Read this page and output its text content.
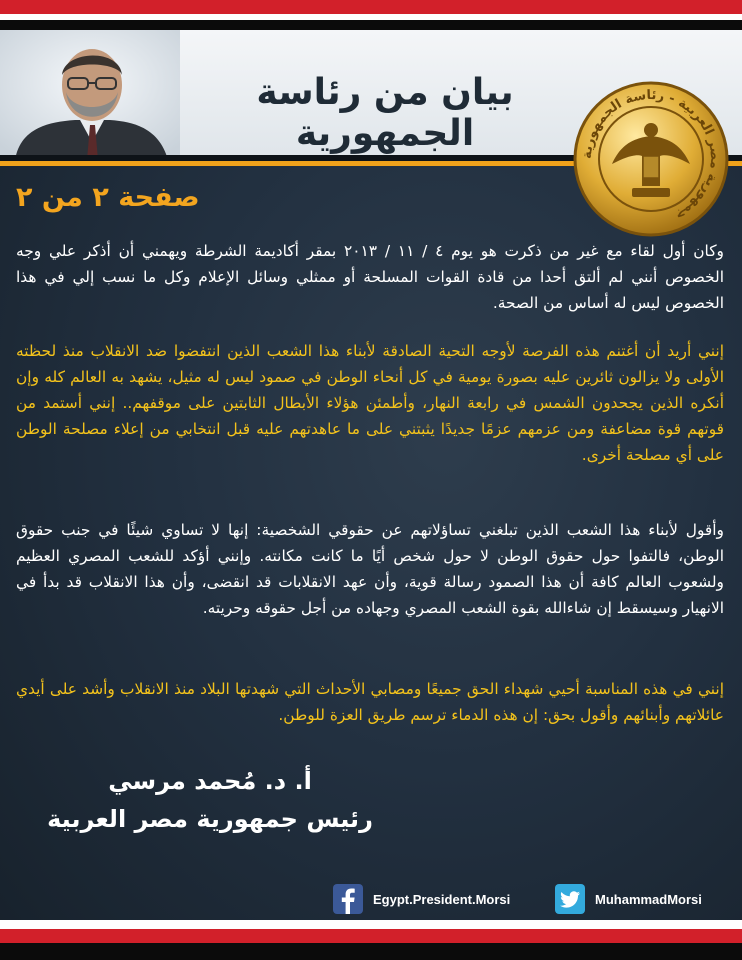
بيان من رئاسة الجمهورية
جمهورية مصر العربية - رئاسة الجمهورية
صفحة ٢ من ٢
وكان أول لقاء مع غير من ذكرت هو يوم ٤ / ١١ / ٢٠١٣ بمقر أكاديمة الشرطة ويهمني أن أذكر علي وجه الخصوص أنني لم ألتق أحدا من قادة القوات المسلحة أو ممثلي وسائل الإعلام وكل ما نسب إلي في هذا الخصوص ليس له أساس من الصحة.
إنني أريد أن أغتنم هذه الفرصة لأوجه التحية الصادقة لأبناء هذا الشعب الذين انتفضوا ضد الانقلاب منذ لحظته الأولى ولا يزالون ثائرين عليه بصورة يومية في كل أنحاء الوطن في صمود ليس له مثيل، يشهد به العالم كله وإن أنكره الذين يجحدون الشمس في رابعة النهار، وأطمئن هؤلاء الأبطال الثابتين على موقفهم.. إنني أستمد من قوتهم قوة مضاعفة ومن عزمهم عزمًا جديدًا يثبتني على ما عاهدتهم عليه قبل انتخابي من إعلاء مصلحة الوطن على أي مصلحة أخرى.
وأقول لأبناء هذا الشعب الذين تبلغني تساؤلاتهم عن حقوقي الشخصية: إنها لا تساوي شيئًا في جنب حقوق الوطن، فالتفوا حول حقوق الوطن لا حول شخص أيًا ما كانت مكانته. وإنني أؤكد للشعب المصري العظيم ولشعوب العالم كافة أن هذا الصمود رسالة قوية، وأن عهد الانقلابات قد انقضى، وأن هذا الانقلاب قد بدأ في الانهيار وسيسقط إن شاءالله بقوة الشعب المصري وجهاده من أجل حقوقه وحريته.
إنني في هذه المناسبة أحيي شهداء الحق جميعًا ومصابي الأحداث التي شهدتها البلاد منذ الانقلاب وأشد على أيدي عائلاتهم وأبنائهم وأقول بحق: إن هذه الدماء ترسم طريق العزة للوطن.
أ. د. مُحمد مرسي
رئيس جمهورية مصر العربية
Egypt.President.Morsi	MuhammadMorsi
